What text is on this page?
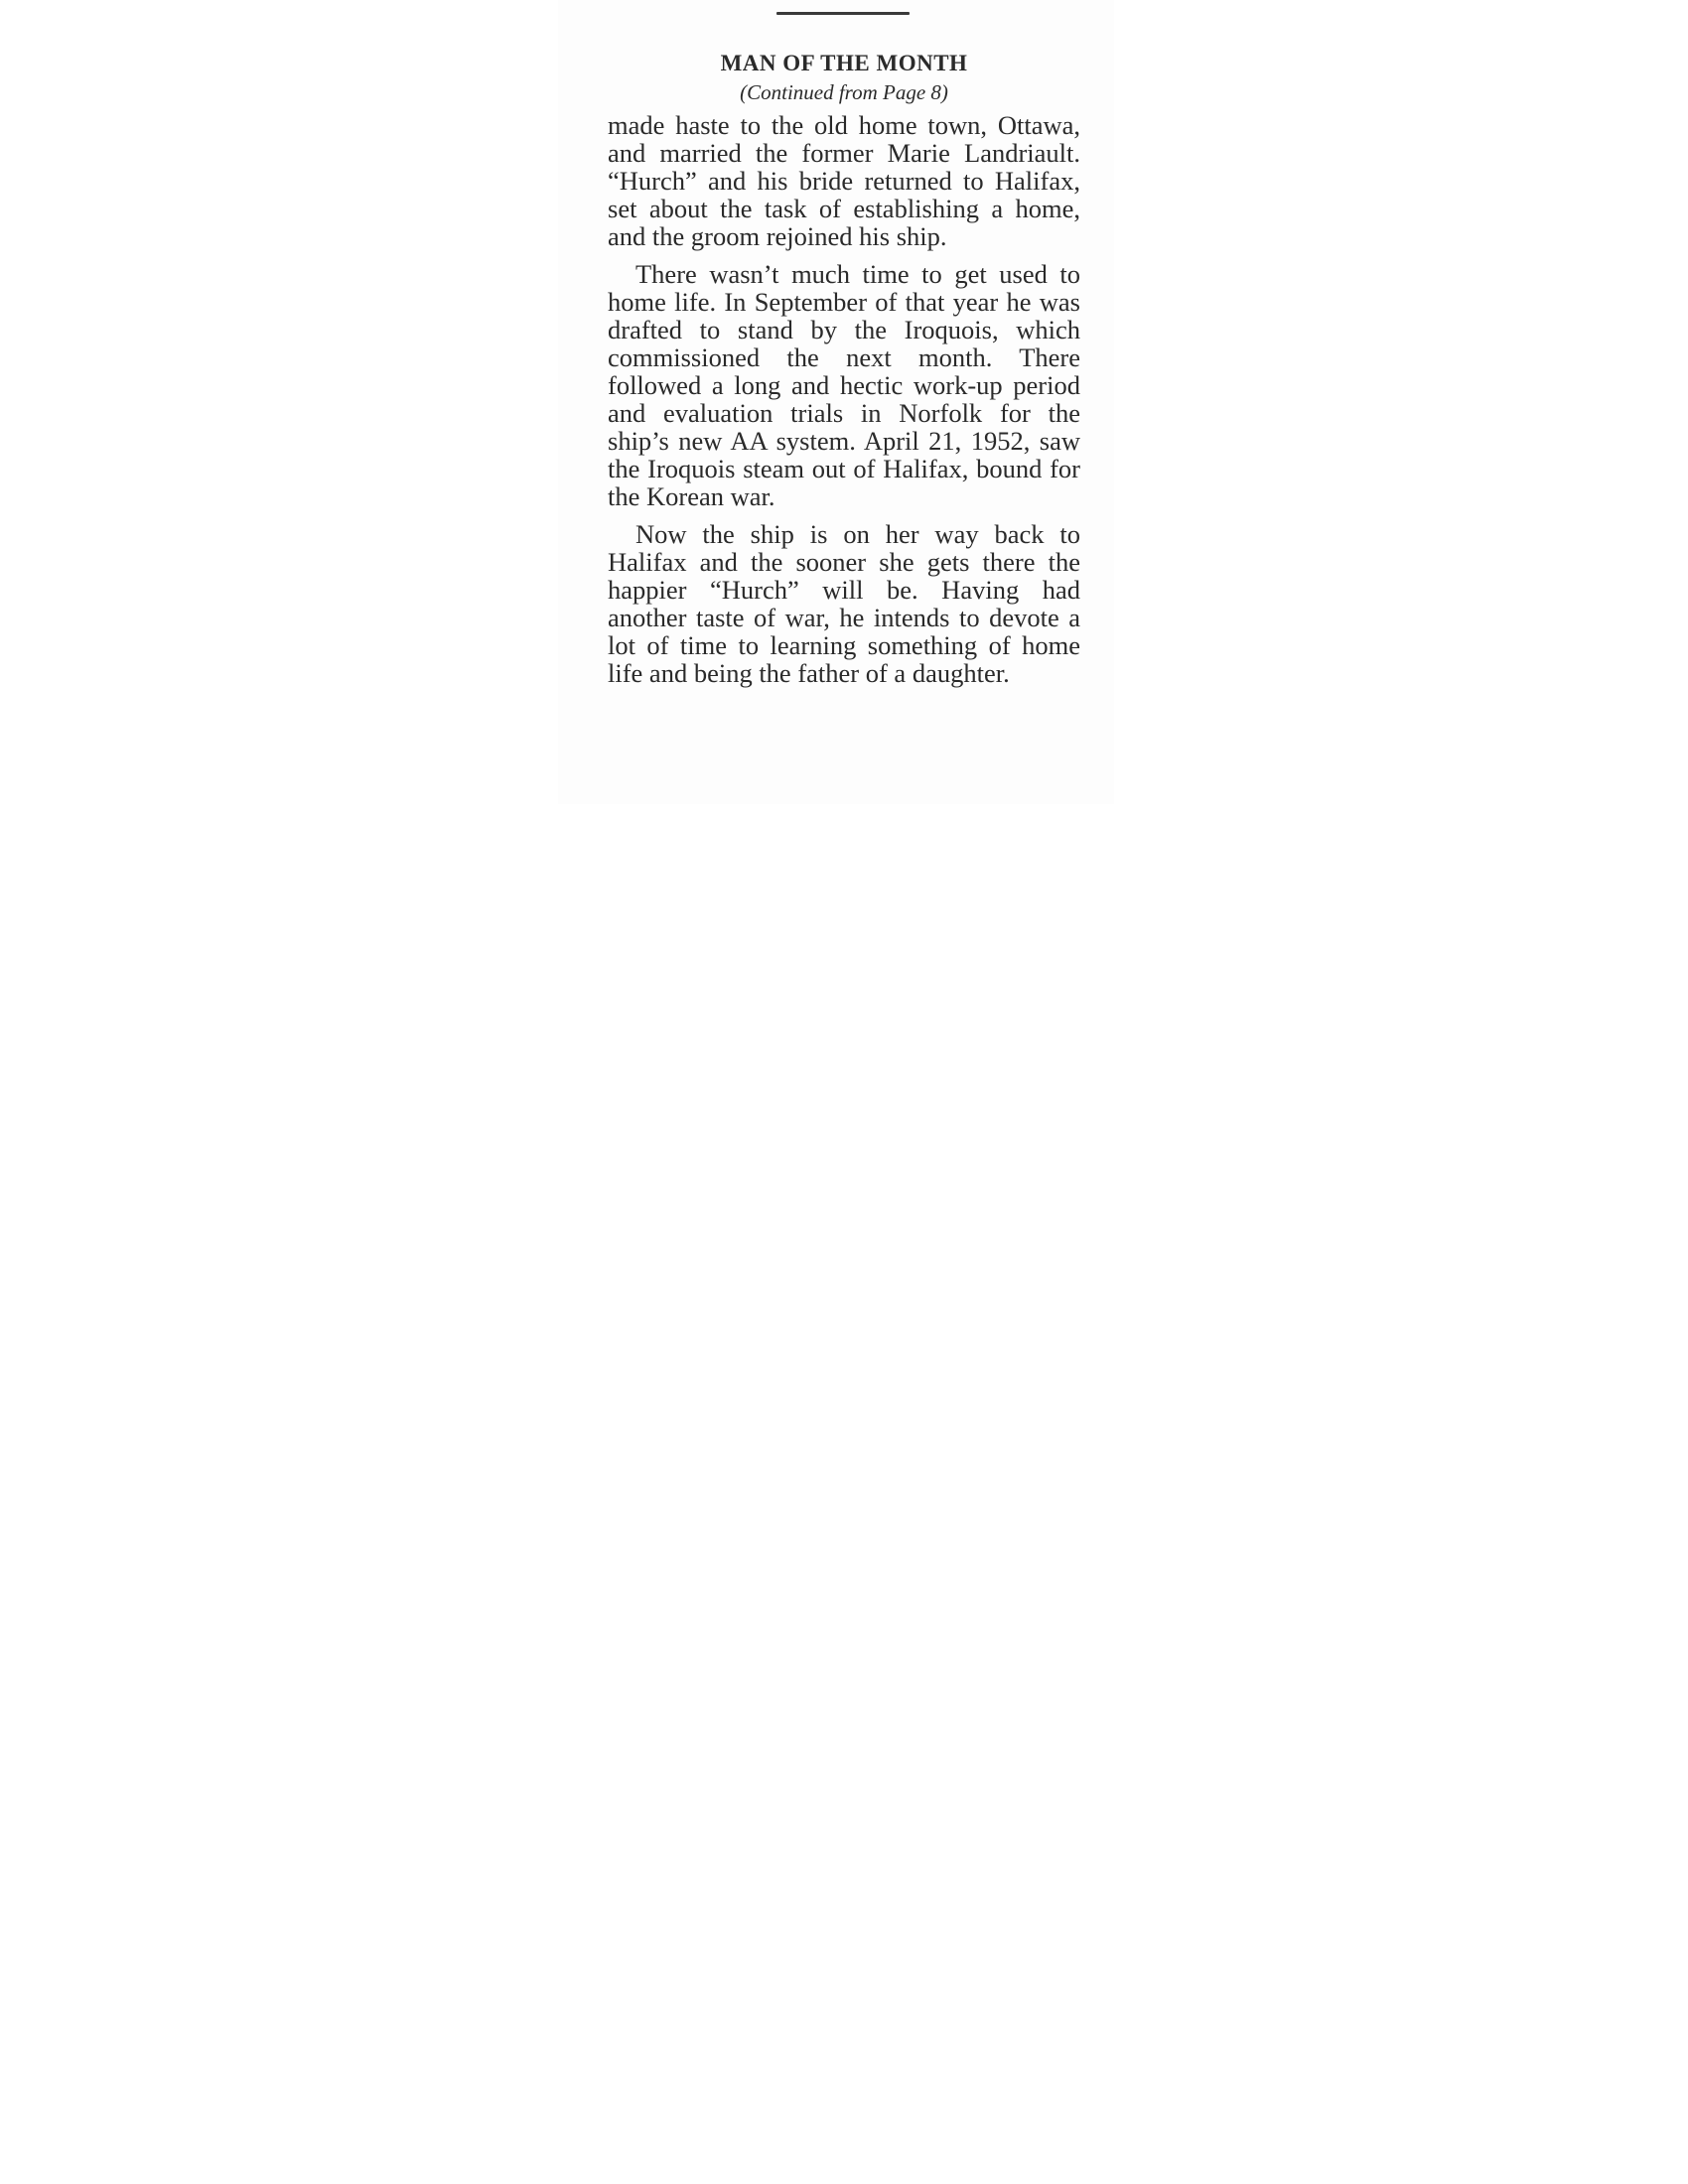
MAN OF THE MONTH
(Continued from Page 8)

made haste to the old home town, Ottawa, and married the former Marie Landriault. “Hurch” and his bride returned to Halifax, set about the task of establishing a home, and the groom rejoined his ship.

There wasn’t much time to get used to home life. In September of that year he was drafted to stand by the Iroquois, which commissioned the next month. There followed a long and hectic work-up period and evaluation trials in Norfolk for the ship’s new AA system. April 21, 1952, saw the Iroquois steam out of Halifax, bound for the Korean war.

Now the ship is on her way back to Halifax and the sooner she gets there the happier “Hurch” will be. Having had another taste of war, he intends to devote a lot of time to learning something of home life and being the father of a daughter.
